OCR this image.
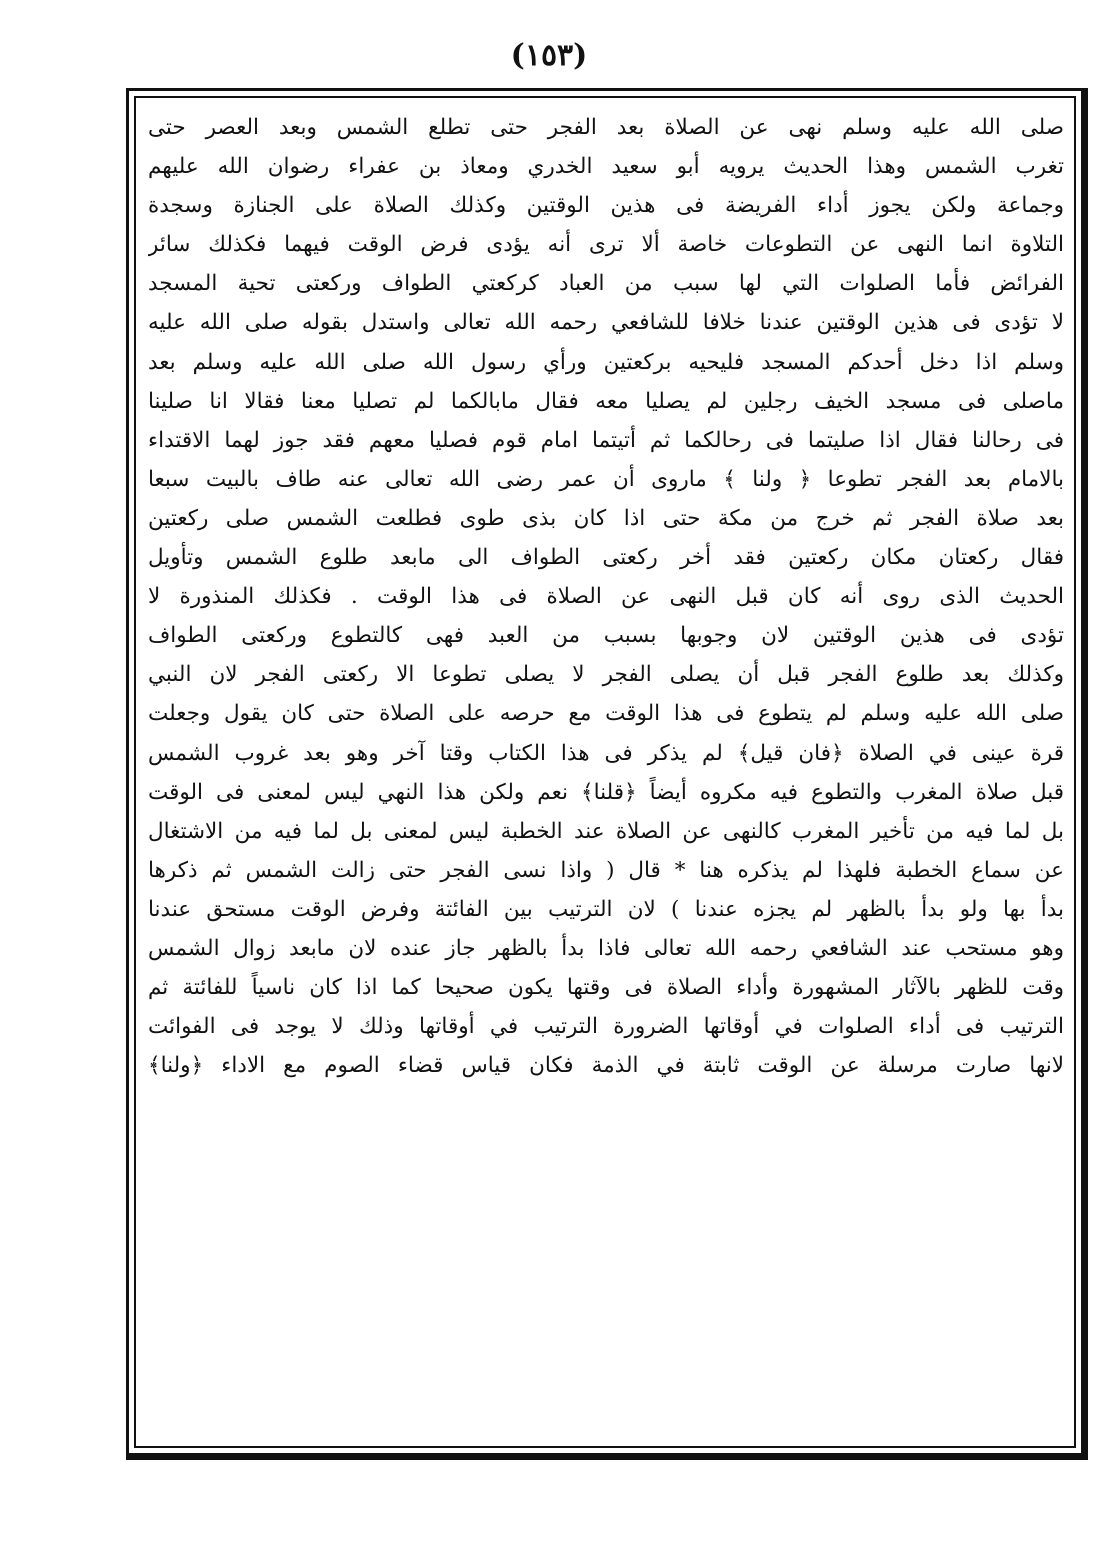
(١٥٣)
صلى الله عليه وسلم نهى عن الصلاة بعد الفجر حتى تطلع الشمس وبعد العصر حتى
تغرب الشمس وهذا الحديث يرويه أبو سعيد الخدري ومعاذ بن عفراء رضوان الله عليهم
وجماعة ولكن يجوز أداء الفريضة فى هذين الوقتين وكذلك الصلاة على الجنازة وسجدة
التلاوة انما النهى عن التطوعات خاصة ألا ترى أنه يؤدى فرض الوقت فيهما فكذلك سائر
الفرائض فأما الصلوات التي لها سبب من العباد كركعتي الطواف وركعتى تحية المسجد
لا تؤدى فى هذين الوقتين عندنا خلافا للشافعي رحمه الله تعالى واستدل بقوله صلى الله عليه
وسلم اذا دخل أحدكم المسجد فليحيه بركعتين ورأي رسول الله صلى الله عليه وسلم بعد
ماصلى فى مسجد الخيف رجلين لم يصليا معه فقال مابالكما لم تصليا معنا فقالا انا صلينا
فى رحالنا فقال اذا صليتما فى رحالكما ثم أتيتما امام قوم فصليا معهم فقد جوز لهما الاقتداء
بالامام بعد الفجر تطوعا ﴿ ولنا ﴾ ماروى أن عمر رضى الله تعالى عنه طاف بالبيت سبعا
بعد صلاة الفجر ثم خرج من مكة حتى اذا كان بذى طوى فطلعت الشمس صلى ركعتين
فقال ركعتان مكان ركعتين فقد أخر ركعتى الطواف الى مابعد طلوع الشمس وتأويل
الحديث الذى روى أنه كان قبل النهى عن الصلاة فى هذا الوقت . فكذلك المنذورة لا
تؤدى فى هذين الوقتين لان وجوبها بسبب من العبد فهى كالتطوع وركعتى الطواف
وكذلك بعد طلوع الفجر قبل أن يصلى الفجر لا يصلى تطوعا الا ركعتى الفجر لان النبي
صلى الله عليه وسلم لم يتطوع فى هذا الوقت مع حرصه على الصلاة حتى كان يقول وجعلت
قرة عينى في الصلاة ﴿فان قيل﴾ لم يذكر فى هذا الكتاب وقتا آخر وهو بعد غروب الشمس
قبل صلاة المغرب والتطوع فيه مكروه أيضاً ﴿قلنا﴾ نعم ولكن هذا النهي ليس لمعنى فى الوقت
بل لما فيه من تأخير المغرب كالنهى عن الصلاة عند الخطبة ليس لمعنى بل لما فيه من الاشتغال
عن سماع الخطبة فلهذا لم يذكره هنا * قال ( واذا نسى الفجر حتى زالت الشمس ثم ذكرها
بدأ بها ولو بدأ بالظهر لم يجزه عندنا ) لان الترتيب بين الفائتة وفرض الوقت مستحق عندنا
وهو مستحب عند الشافعي رحمه الله تعالى فاذا بدأ بالظهر جاز عنده لان مابعد زوال الشمس
وقت للظهر بالآثار المشهورة وأداء الصلاة فى وقتها يكون صحيحا كما اذا كان ناسياً للفائتة ثم
الترتيب فى أداء الصلوات في أوقاتها الضرورة الترتيب في أوقاتها وذلك لا يوجد فى الفوائت
لانها صارت مرسلة عن الوقت ثابتة في الذمة فكان قياس قضاء الصوم مع الاداء ﴿ولنا﴾
